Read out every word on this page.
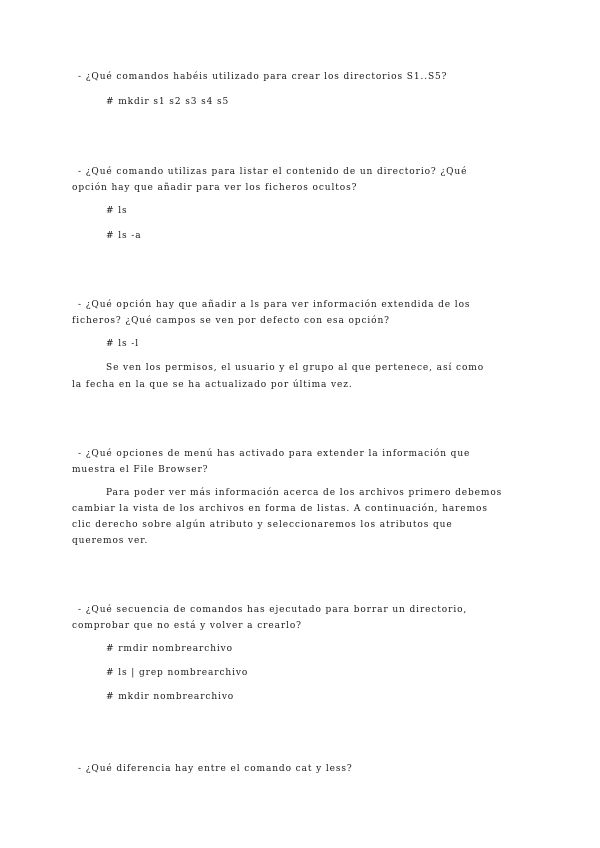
- ¿Qué comandos habéis utilizado para crear los directorios S1..S5?
# mkdir s1 s2 s3 s4 s5
- ¿Qué comando utilizas para listar el contenido de un directorio? ¿Qué
opción hay que añadir para ver los ficheros ocultos?
# ls
# ls -a
- ¿Qué opción hay que añadir a ls para ver información extendida de los
ficheros? ¿Qué campos se ven por defecto con esa opción?
# ls -l
Se ven los permisos, el usuario y el grupo al que pertenece, así como
la fecha en la que se ha actualizado por última vez.
- ¿Qué opciones de menú has activado para extender la información que
muestra el File Browser?
Para poder ver más información acerca de los archivos primero debemos
cambiar la vista de los archivos en forma de listas. A continuación, haremos
clic derecho sobre algún atributo y seleccionaremos los atributos que
queremos ver.
- ¿Qué secuencia de comandos has ejecutado para borrar un directorio,
comprobar que no está y volver a crearlo?
# rmdir nombrearchivo
# ls | grep nombrearchivo
# mkdir nombrearchivo
- ¿Qué diferencia hay entre el comando cat y less?
